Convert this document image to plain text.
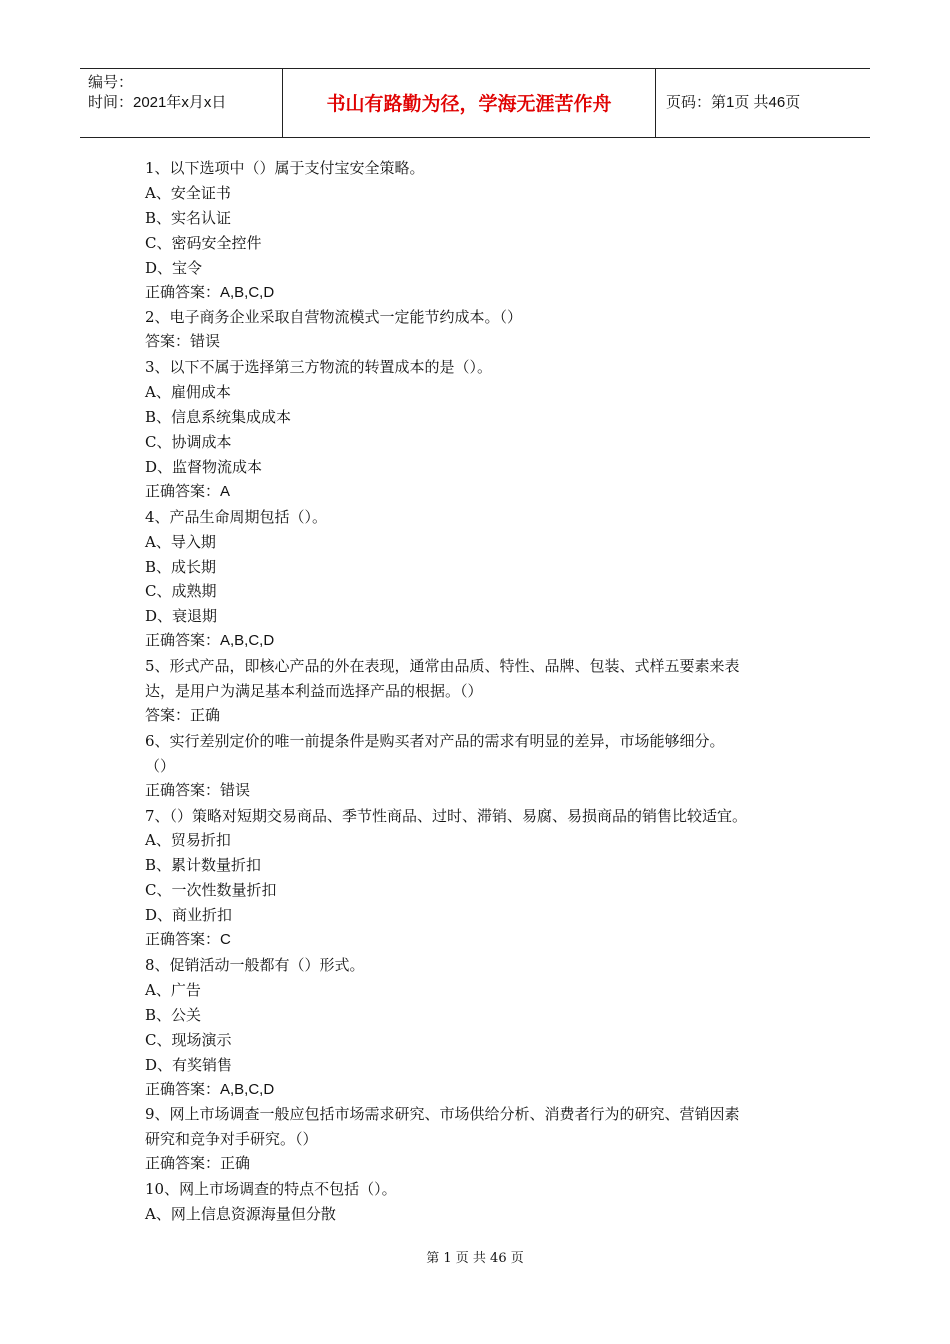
编号：
时间：2021年x月x日	书山有路勤为径，学海无涯苦作舟	页码：第1页 共46页
1、以下选项中（）属于支付宝安全策略。
A、安全证书
B、实名认证
C、密码安全控件
D、宝令
正确答案：A,B,C,D
2、电子商务企业采取自营物流模式一定能节约成本。（）
答案：错误
3、以下不属于选择第三方物流的转置成本的是（）。
A、雇佣成本
B、信息系统集成成本
C、协调成本
D、监督物流成本
正确答案：A
4、产品生命周期包括（）。
A、导入期
B、成长期
C、成熟期
D、衰退期
正确答案：A,B,C,D
5、形式产品，即核心产品的外在表现，通常由品质、特性、品牌、包装、式样五要素来表
达，是用户为满足基本利益而选择产品的根据。（）
答案：正确
6、实行差别定价的唯一前提条件是购买者对产品的需求有明显的差异，市场能够细分。
（）
正确答案：错误
7、（）策略对短期交易商品、季节性商品、过时、滞销、易腐、易损商品的销售比较适宜。
A、贸易折扣
B、累计数量折扣
C、一次性数量折扣
D、商业折扣
正确答案：C
8、促销活动一般都有（）形式。
A、广告
B、公关
C、现场演示
D、有奖销售
正确答案：A,B,C,D
9、网上市场调查一般应包括市场需求研究、市场供给分析、消费者行为的研究、营销因素
研究和竞争对手研究。（）
正确答案：正确
10、网上市场调查的特点不包括（）。
A、网上信息资源海量但分散
第 1 页 共 46 页
